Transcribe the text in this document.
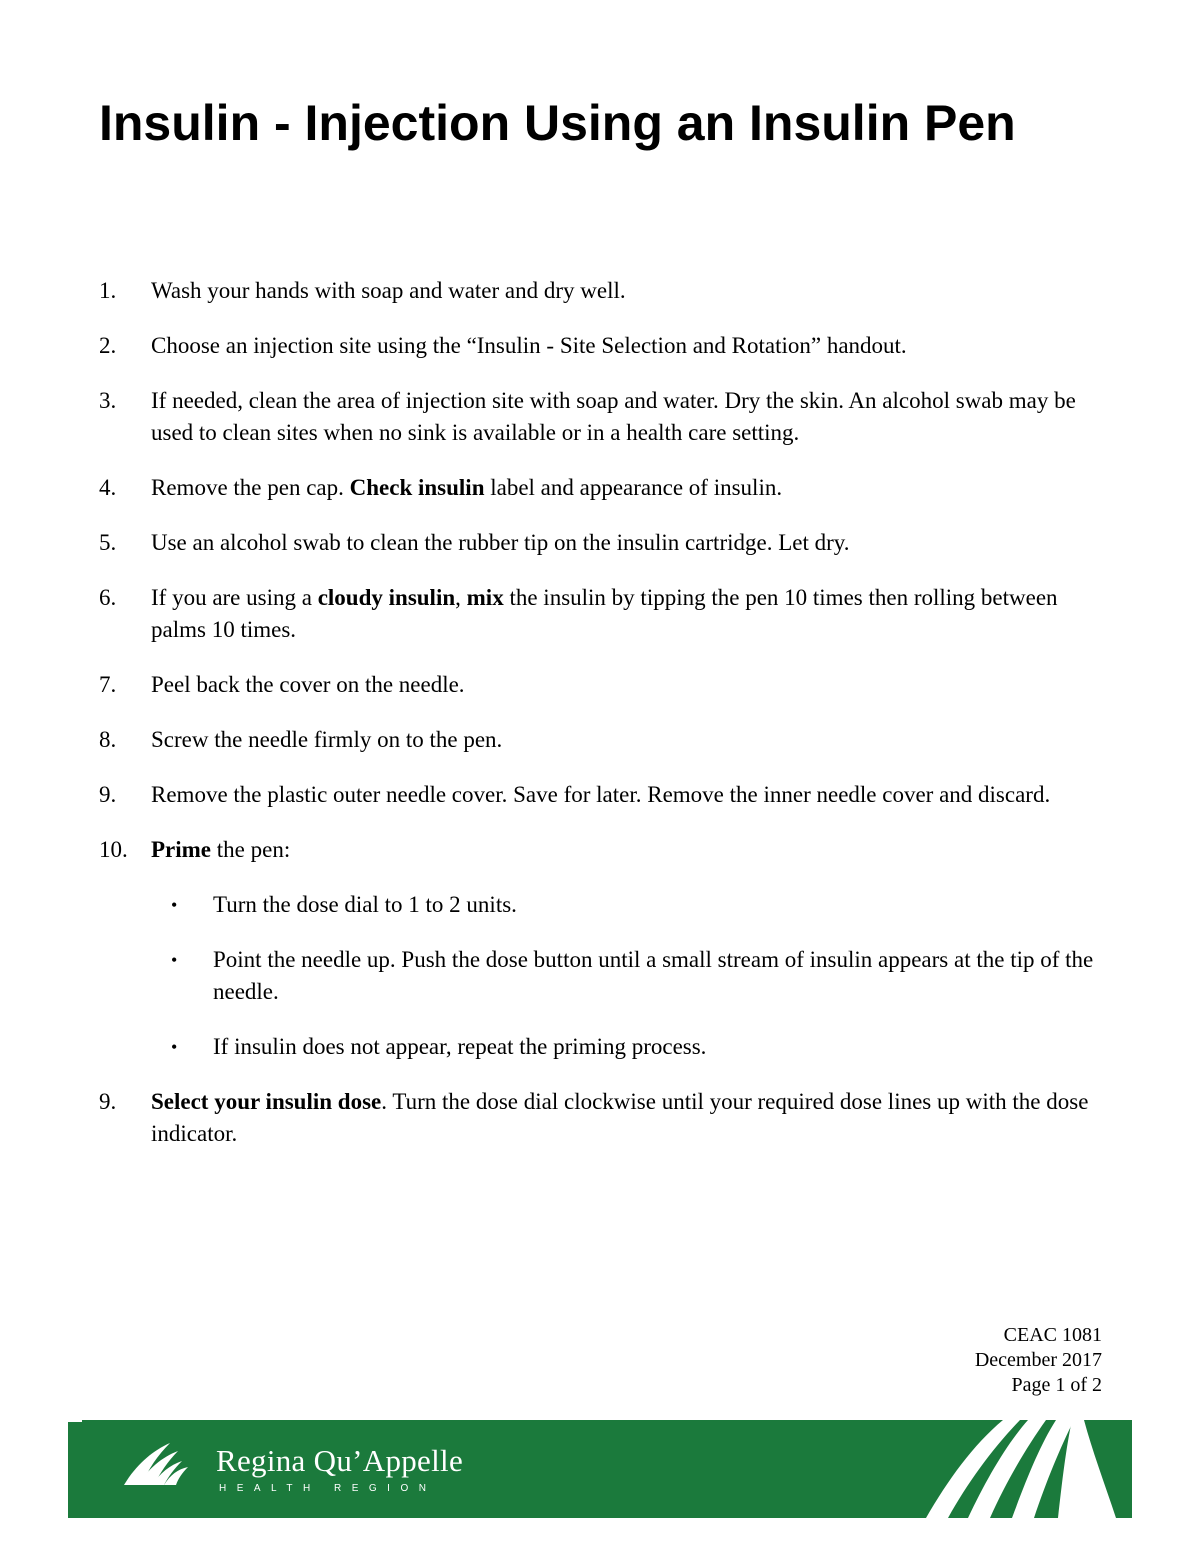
Insulin - Injection Using an Insulin Pen
1. Wash your hands with soap and water and dry well.
2. Choose an injection site using the “Insulin - Site Selection and Rotation” handout.
3. If needed, clean the area of injection site with soap and water. Dry the skin. An alcohol swab may be used to clean sites when no sink is available or in a health care setting.
4. Remove the pen cap. Check insulin label and appearance of insulin.
5. Use an alcohol swab to clean the rubber tip on the insulin cartridge. Let dry.
6. If you are using a cloudy insulin, mix the insulin by tipping the pen 10 times then rolling between palms 10 times.
7. Peel back the cover on the needle.
8. Screw the needle firmly on to the pen.
9. Remove the plastic outer needle cover. Save for later. Remove the inner needle cover and discard.
10. Prime the pen:
• Turn the dose dial to 1 to 2 units.
• Point the needle up. Push the dose button until a small stream of insulin appears at the tip of the needle.
• If insulin does not appear, repeat the priming process.
9. Select your insulin dose. Turn the dose dial clockwise until your required dose lines up with the dose indicator.
CEAC 1081
December 2017
Page 1 of 2
Regina Qu’Appelle
HEALTH REGION
